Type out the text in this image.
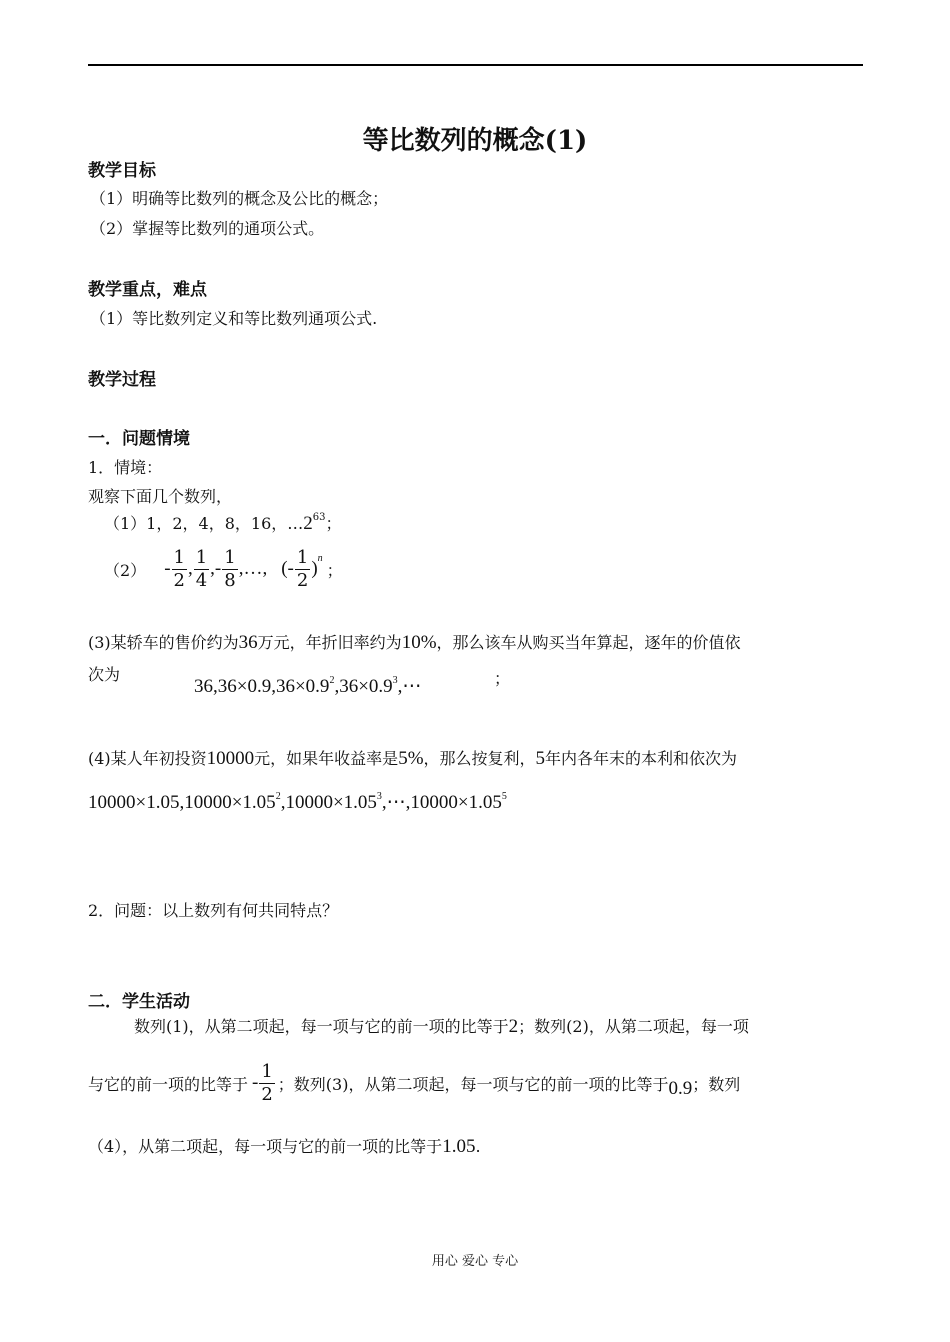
等比数列的概念(1)
教学目标
（1）明确等比数列的概念及公比的概念；
（2）掌握等比数列的通项公式。
教学重点，难点
（1）等比数列定义和等比数列通项公式.
教学过程
一．问题情境
1．情境：
观察下面几个数列，
（1）1，2，4，8，16，$\dots 2^{63}$；
$(2) - \frac{1}{2}$ , $\frac{1}{4}$ , - $\frac{1}{8}$ ,…, (- $\frac{1}{2}$ ) n
；
(3)某轿车的售价约为36万元，年折旧率约为10%，那么该车从购买当年算起，逐年的价值依
次为
$36,36\times 0.9,36\times 0.9^2,36\times 0.9^3,\cdots$	；
(4)某人年初投资10000元，如果年收益率是5%，那么按复利，5年内各年末的本利和依次为
$10000\times 1.05,10000\times 1.05^2,10000\times 1.05^3,\cdots,10000\times 1.05^5$
2．问题：以上数列有何共同特点？
二．学生活动
数列(1)，从第二项起，每一项与它的前一项的比等于2；数列(2)，从第二项起，每一项
与它的前一项的比等于 - $\frac{1}{2}$ ；数列(3)，从第二项起，每一项与它的前一项的比等于 0.9 ；数列
（4），从第二项起，每一项与它的前一项的比等于1.05.
用心 爱心 专心
